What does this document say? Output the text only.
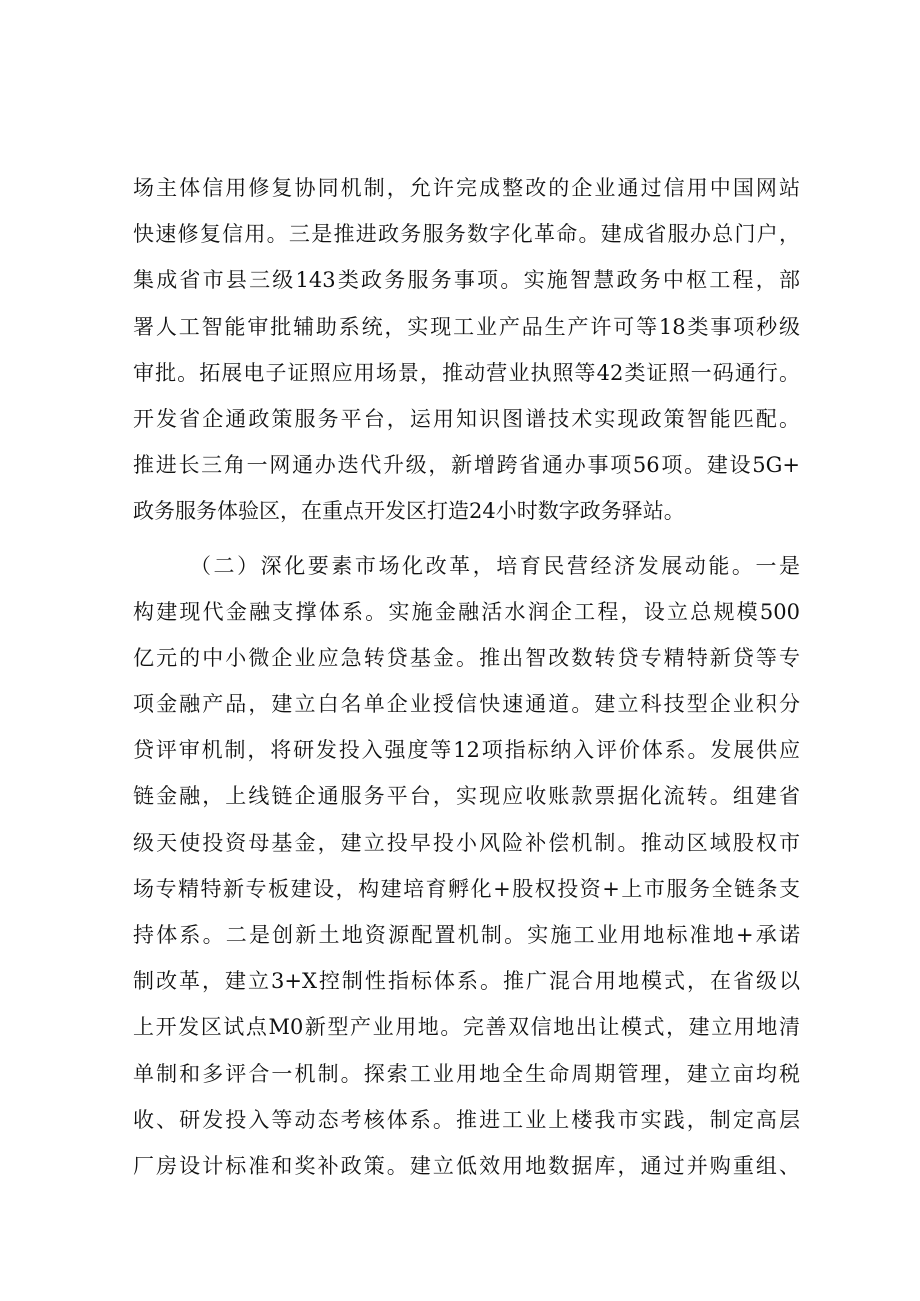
场主体信用修复协同机制，允许完成整改的企业通过信用中国网站
快速修复信用。三是推进政务服务数字化革命。建成省服办总门户，
集成省市县三级143类政务服务事项。实施智慧政务中枢工程，部
署人工智能审批辅助系统，实现工业产品生产许可等18类事项秒级
审批。拓展电子证照应用场景，推动营业执照等42类证照一码通行。
开发省企通政策服务平台，运用知识图谱技术实现政策智能匹配。
推进长三角一网通办迭代升级，新增跨省通办事项56项。建设5G+
政务服务体验区，在重点开发区打造24小时数字政务驿站。
（二）深化要素市场化改革，培育民营经济发展动能。一是
构建现代金融支撑体系。实施金融活水润企工程，设立总规模500
亿元的中小微企业应急转贷基金。推出智改数转贷专精特新贷等专
项金融产品，建立白名单企业授信快速通道。建立科技型企业积分
贷评审机制，将研发投入强度等12项指标纳入评价体系。发展供应
链金融，上线链企通服务平台，实现应收账款票据化流转。组建省
级天使投资母基金，建立投早投小风险补偿机制。推动区域股权市
场专精特新专板建设，构建培育孵化+股权投资+上市服务全链条支
持体系。二是创新土地资源配置机制。实施工业用地标准地+承诺
制改革，建立3+X控制性指标体系。推广混合用地模式，在省级以
上开发区试点M0新型产业用地。完善双信地出让模式，建立用地清
单制和多评合一机制。探索工业用地全生命周期管理，建立亩均税
收、研发投入等动态考核体系。推进工业上楼我市实践，制定高层
厂房设计标准和奖补政策。建立低效用地数据库，通过并购重组、
